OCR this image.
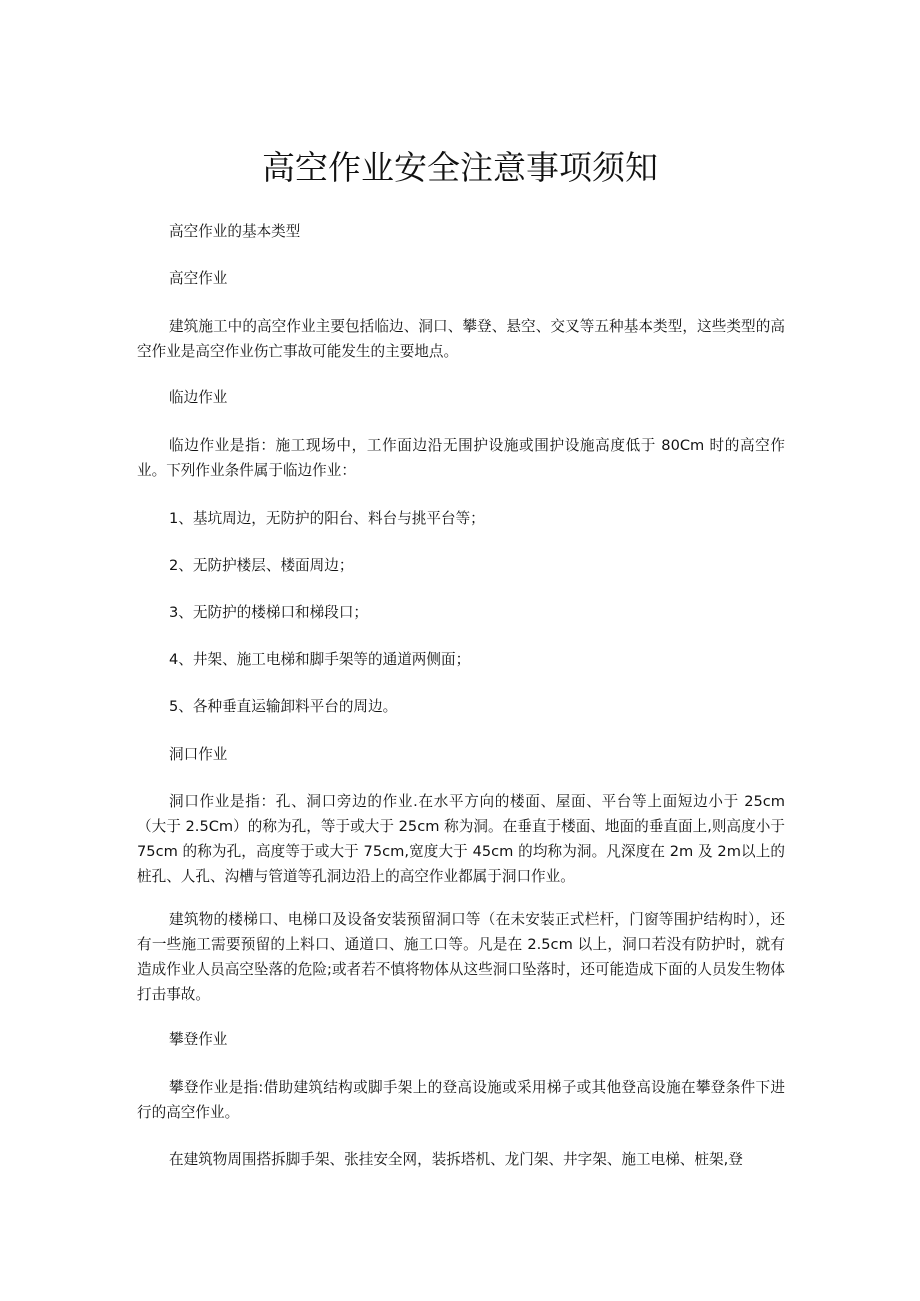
高空作业安全注意事项须知
高空作业的基本类型
高空作业
建筑施工中的高空作业主要包括临边、洞口、攀登、悬空、交叉等五种基本类型，这些类型的高空作业是高空作业伤亡事故可能发生的主要地点。
临边作业
临边作业是指：施工现场中，工作面边沿无围护设施或围护设施高度低于 80Cm 时的高空作业。下列作业条件属于临边作业：
1、基坑周边，无防护的阳台、料台与挑平台等；
2、无防护楼层、楼面周边；
3、无防护的楼梯口和梯段口；
4、井架、施工电梯和脚手架等的通道两侧面；
5、各种垂直运输卸料平台的周边。
洞口作业
洞口作业是指：孔、洞口旁边的作业.在水平方向的楼面、屋面、平台等上面短边小于 25cm（大于 2.5Cm）的称为孔，等于或大于 25cm 称为洞。在垂直于楼面、地面的垂直面上,则高度小于 75cm 的称为孔，高度等于或大于 75cm,宽度大于 45cm 的均称为洞。凡深度在 2m 及 2m以上的桩孔、人孔、沟槽与管道等孔洞边沿上的高空作业都属于洞口作业。
建筑物的楼梯口、电梯口及设备安装预留洞口等（在未安装正式栏杆，门窗等围护结构时），还有一些施工需要预留的上料口、通道口、施工口等。凡是在 2.5cm 以上，洞口若没有防护时，就有造成作业人员高空坠落的危险;或者若不慎将物体从这些洞口坠落时，还可能造成下面的人员发生物体打击事故。
攀登作业
攀登作业是指:借助建筑结构或脚手架上的登高设施或采用梯子或其他登高设施在攀登条件下进行的高空作业。
在建筑物周围搭拆脚手架、张挂安全网，装拆塔机、龙门架、井字架、施工电梯、桩架,登
